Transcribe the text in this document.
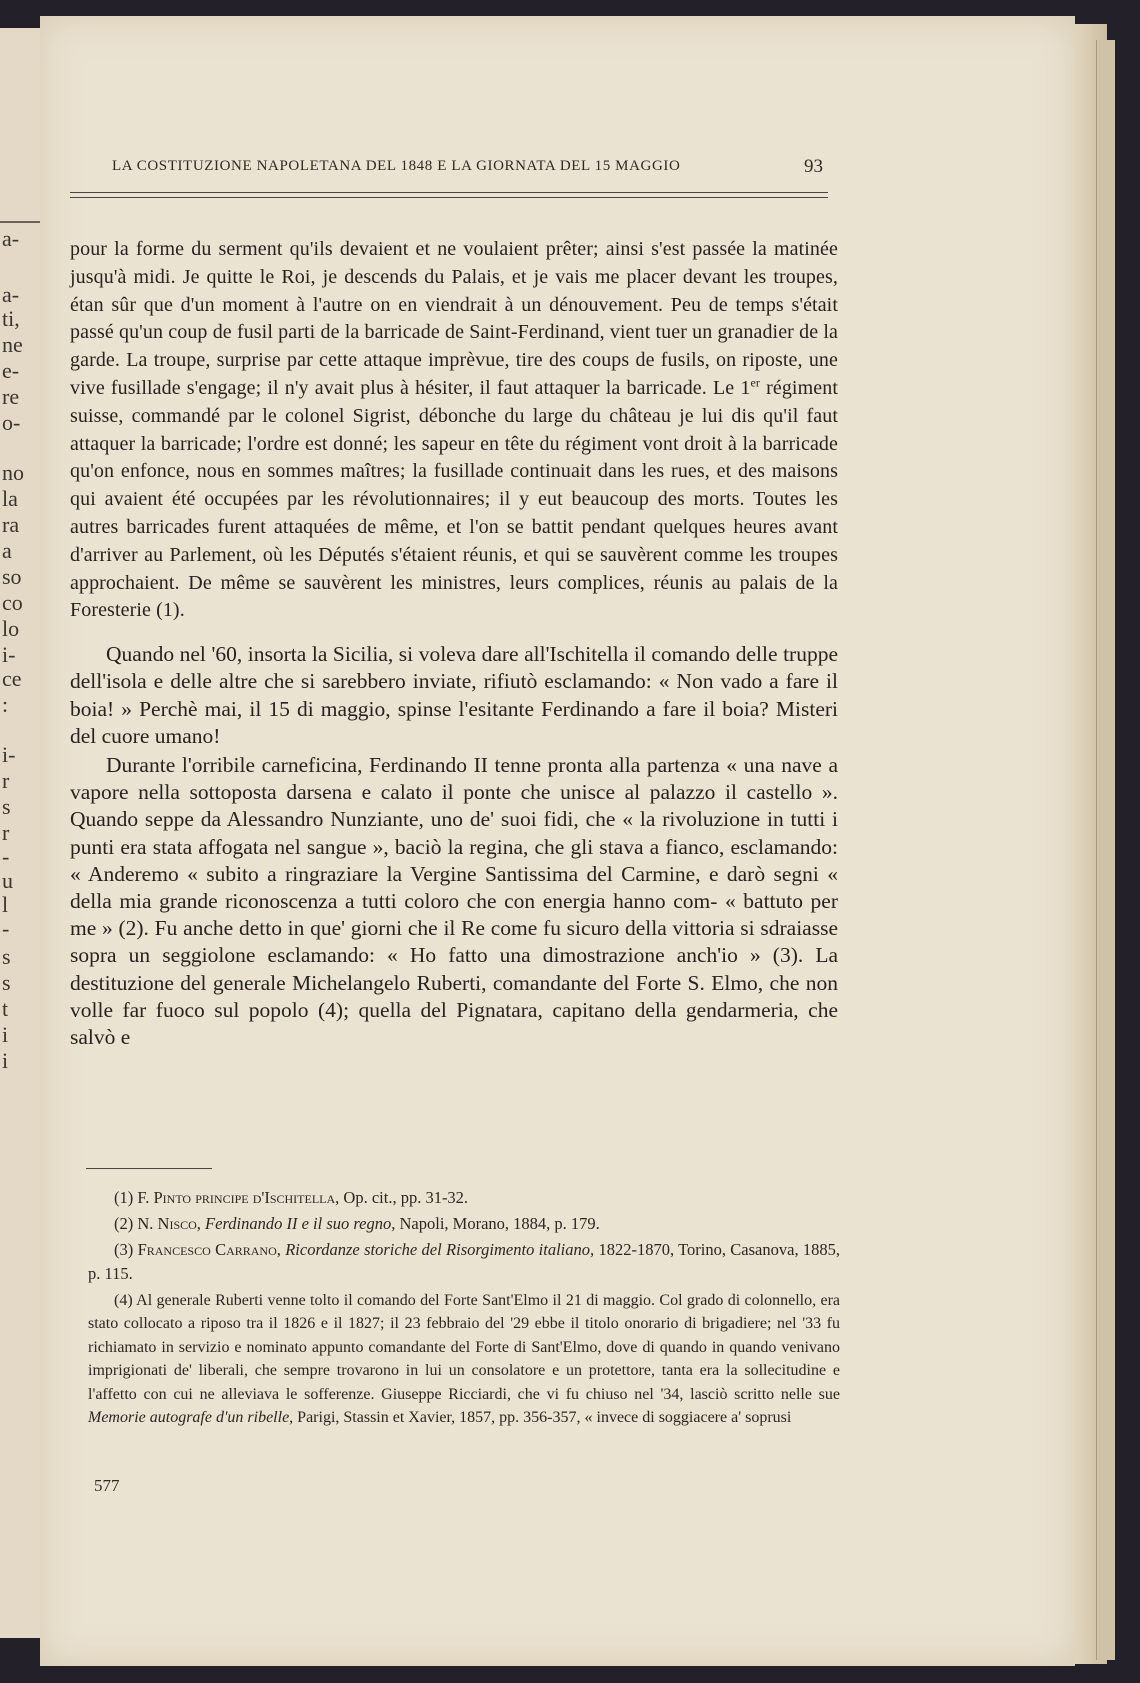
a-
a-
ti,
ne
e-
re
o-
no
la
ra
a
so
co
lo
i-
ce
:
i-
r
s
r
-
u
l
-
s
s
t
i
i
LA COSTITUZIONE NAPOLETANA DEL 1848 E LA GIORNATA DEL 15 MAGGIO	93

pour la forme du serment qu'ils devaient et ne voulaient prêter; ainsi s'est passée la matinée jusqu'à midi. Je quitte le Roi, je descends du Palais, et je vais me placer devant les troupes, étan sûr que d'un moment à l'autre on en viendrait à un dénouvement. Peu de temps s'était passé qu'un coup de fusil parti de la barricade de Saint-Ferdinand, vient tuer un granadier de la garde. La troupe, surprise par cette attaque imprèvue, tire des coups de fusils, on riposte, une vive fusillade s'engage; il n'y avait plus à hésiter, il faut attaquer la barricade. Le 1er régiment suisse, commandé par le colonel Sigrist, débonche du large du château je lui dis qu'il faut attaquer la barricade; l'ordre est donné; les sapeur en tête du régiment vont droit à la barricade qu'on enfonce, nous en sommes maîtres; la fusillade continuait dans les rues, et des maisons qui avaient été occupées par les révolutionnaires; il y eut beaucoup des morts. Toutes les autres barricades furent attaquées de même, et l'on se battit pendant quelques heures avant d'arriver au Parlement, où les Députés s'étaient réunis, et qui se sauvèrent comme les troupes approchaient. De même se sauvèrent les ministres, leurs complices, réunis au palais de la Foresterie (1).

Quando nel '60, insorta la Sicilia, si voleva dare all'Ischitella il comando delle truppe dell'isola e delle altre che si sarebbero inviate, rifiutò esclamando: « Non vado a fare il boia! » Perchè mai, il 15 di maggio, spinse l'esitante Ferdinando a fare il boia? Misteri del cuore umano!

Durante l'orribile carneficina, Ferdinando II tenne pronta alla partenza « una nave a vapore nella sottoposta darsena e calato il ponte che unisce al palazzo il castello ». Quando seppe da Alessandro Nunziante, uno de' suoi fidi, che « la rivoluzione in tutti i punti era stata affogata nel sangue », baciò la regina, che gli stava a fianco, esclamando: « Anderemo « subito a ringraziare la Vergine Santissima del Carmine, e darò segni « della mia grande riconoscenza a tutti coloro che con energia hanno com- « battuto per me » (2). Fu anche detto in que' giorni che il Re come fu sicuro della vittoria si sdraiasse sopra un seggiolone esclamando: « Ho fatto una dimostrazione anch'io » (3). La destituzione del generale Michelangelo Ruberti, comandante del Forte S. Elmo, che non volle far fuoco sul popolo (4); quella del Pignatara, capitano della gendarmeria, che salvò e

(1) F. Pinto principe d'Ischitella, Op. cit., pp. 31-32.

(2) N. Nisco, Ferdinando II e il suo regno, Napoli, Morano, 1884, p. 179.

(3) Francesco Carrano, Ricordanze storiche del Risorgimento italiano, 1822-1870, Torino, Casanova, 1885, p. 115.

(4) Al generale Ruberti venne tolto il comando del Forte Sant'Elmo il 21 di maggio. Col grado di colonnello, era stato collocato a riposo tra il 1826 e il 1827; il 23 febbraio del '29 ebbe il titolo onorario di brigadiere; nel '33 fu richiamato in servizio e nominato appunto comandante del Forte di Sant'Elmo, dove di quando in quando venivano imprigionati de' liberali, che sempre trovarono in lui un consolatore e un protettore, tanta era la sollecitudine e l'affetto con cui ne alleviava le sofferenze. Giuseppe Ricciardi, che vi fu chiuso nel '34, lasciò scritto nelle sue Memorie autografe d'un ribelle, Parigi, Stassin et Xavier, 1857, pp. 356-357, « invece di soggiacere a' soprusi

577
